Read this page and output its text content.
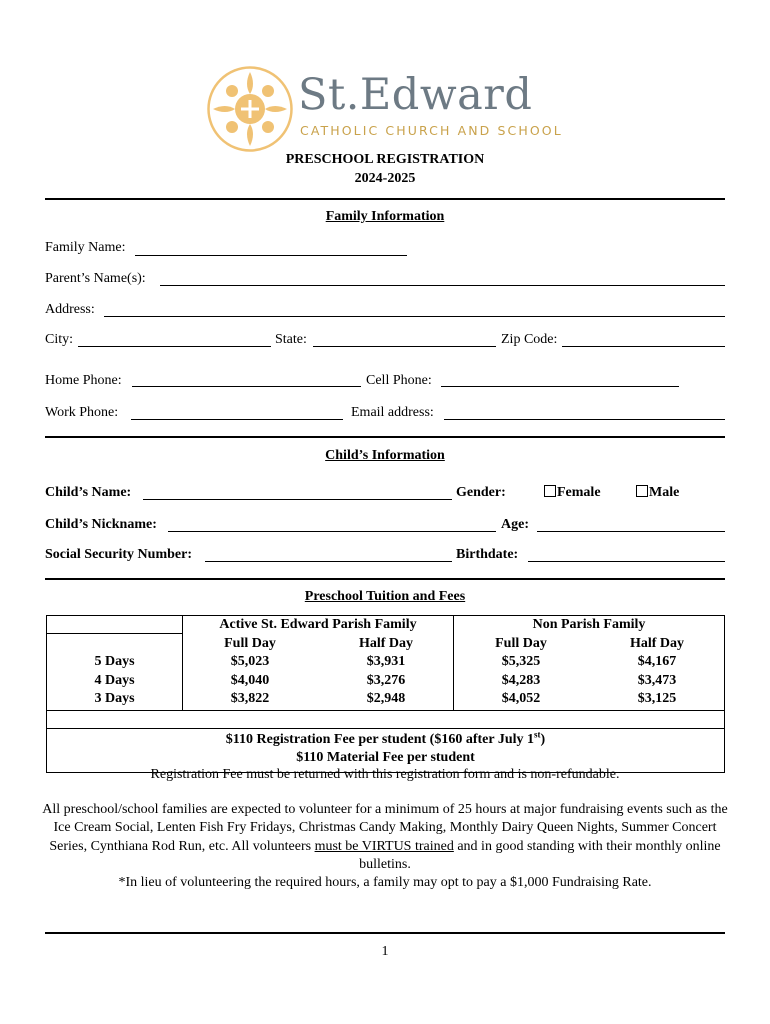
St.Edward
CATHOLIC CHURCH AND SCHOOL
PRESCHOOL REGISTRATION
2024-2025
Family Information
Family Name:
Parent’s Name(s):
Address:
City:	State:	Zip Code:
Home Phone:	Cell Phone:
Work Phone:	Email address:
Child’s Information
Child’s Name:	Gender:	Female	Male
Child’s Nickname:	Age:
Social Security Number:	Birthdate:
Preschool Tuition and Fees
Active St. Edward Parish Family	Non Parish Family
Full Day	Half Day	Full Day	Half Day
5 Days	$5,023	$3,931	$5,325	$4,167
4 Days	$4,040	$3,276	$4,283	$3,473
3 Days	$3,822	$2,948	$4,052	$3,125
$110 Registration Fee per student ($160 after July 1st)
$110 Material Fee per student
Registration Fee must be returned with this registration form and is non-refundable.
All preschool/school families are expected to volunteer for a minimum of 25 hours at major fundraising events such as the Ice Cream Social, Lenten Fish Fry Fridays, Christmas Candy Making, Monthly Dairy Queen Nights, Summer Concert Series, Cynthiana Rod Run, etc. All volunteers must be VIRTUS trained and in good standing with their monthly online bulletins.
*In lieu of volunteering the required hours, a family may opt to pay a $1,000 Fundraising Rate.
1
